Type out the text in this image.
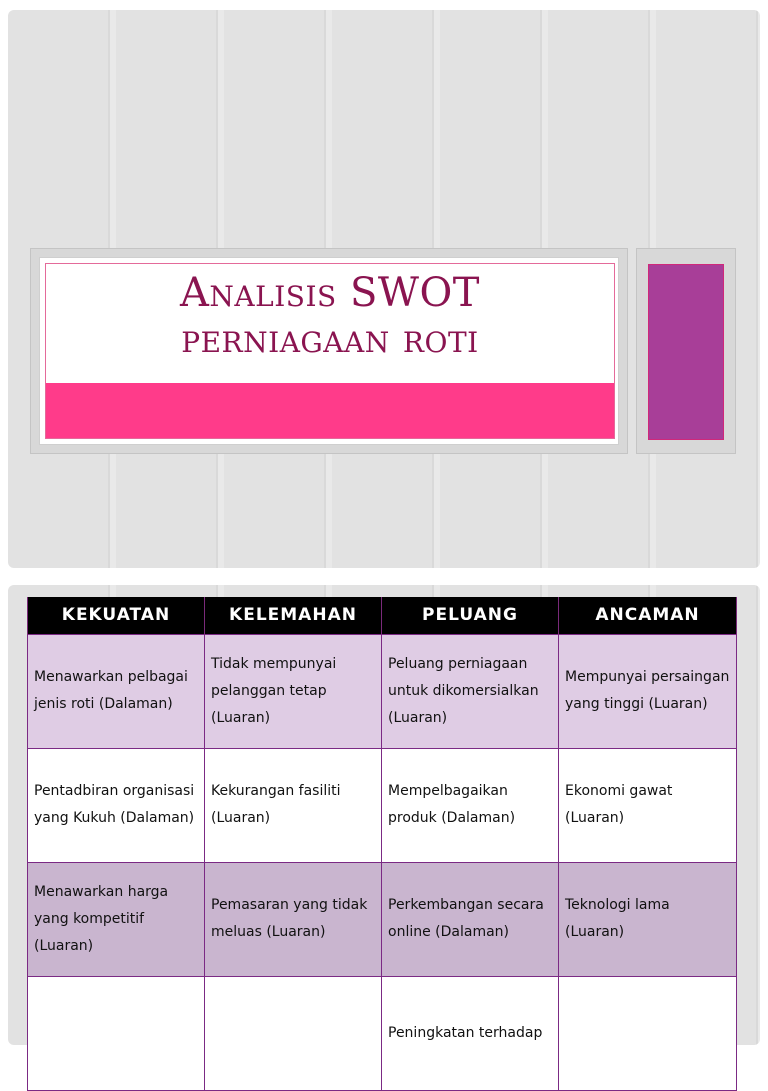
Analisis SWOT
perniagaan roti
KEKUATAN	KELEMAHAN	PELUANG	ANCAMAN
Menawarkan pelbagai jenis roti (Dalaman)	Tidak mempunyai pelanggan tetap (Luaran)	Peluang perniagaan untuk dikomersialkan (Luaran)	Mempunyai persaingan yang tinggi (Luaran)
Pentadbiran organisasi yang Kukuh (Dalaman)	Kekurangan fasiliti (Luaran)	Mempelbagaikan produk (Dalaman)	Ekonomi gawat (Luaran)
Menawarkan harga yang kompetitif (Luaran)	Pemasaran yang tidak meluas (Luaran)	Perkembangan secara online (Dalaman)	Teknologi lama (Luaran)
		Peningkatan terhadap	
